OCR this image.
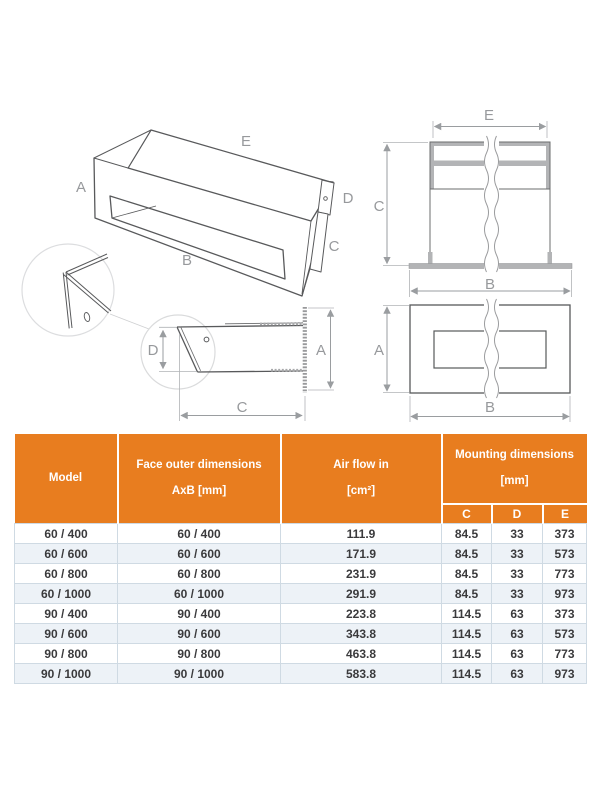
A
E
D
C
B
D
C
A
E
C
B
A
B
Model

Face outer dimensions
AxB [mm]

Air flow in
[cm²]

Mounting dimensions
[mm]

			C	D	E
60 / 400	60 / 400	111.9	84.5	33	373
60 / 600	60 / 600	171.9	84.5	33	573
60 / 800	60 / 800	231.9	84.5	33	773
60 / 1000	60 / 1000	291.9	84.5	33	973
90 / 400	90 / 400	223.8	114.5	63	373
90 / 600	90 / 600	343.8	114.5	63	573
90 / 800	90 / 800	463.8	114.5	63	773
90 / 1000	90 / 1000	583.8	114.5	63	973
